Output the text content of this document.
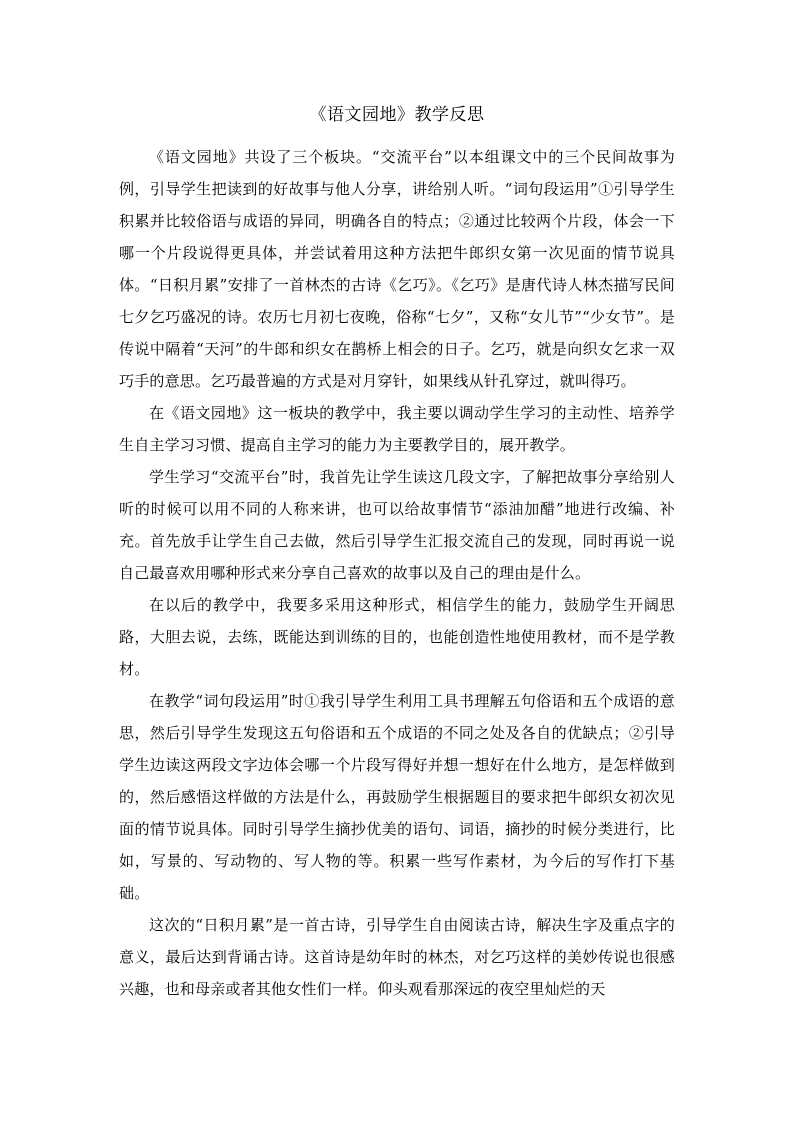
《语文园地》教学反思

《语文园地》共设了三个板块。“交流平台”以本组课文中的三个民间故事为例，引导学生把读到的好故事与他人分享，讲给别人听。“词句段运用”①引导学生积累并比较俗语与成语的异同，明确各自的特点；②通过比较两个片段，体会一下哪一个片段说得更具体，并尝试着用这种方法把牛郎织女第一次见面的情节说具体。“日积月累”安排了一首林杰的古诗《乞巧》。《乞巧》是唐代诗人林杰描写民间七夕乞巧盛况的诗。农历七月初七夜晚，俗称“七夕”，又称“女儿节”“少女节”。是传说中隔着“天河”的牛郎和织女在鹊桥上相会的日子。乞巧，就是向织女乞求一双巧手的意思。乞巧最普遍的方式是对月穿针，如果线从针孔穿过，就叫得巧。

在《语文园地》这一板块的教学中，我主要以调动学生学习的主动性、培养学生自主学习习惯、提高自主学习的能力为主要教学目的，展开教学。

学生学习“交流平台”时，我首先让学生读这几段文字，了解把故事分享给别人听的时候可以用不同的人称来讲，也可以给故事情节“添油加醋”地进行改编、补充。首先放手让学生自己去做，然后引导学生汇报交流自己的发现，同时再说一说自己最喜欢用哪种形式来分享自己喜欢的故事以及自己的理由是什么。

在以后的教学中，我要多采用这种形式，相信学生的能力，鼓励学生开阔思路，大胆去说，去练，既能达到训练的目的，也能创造性地使用教材，而不是学教材。

在教学“词句段运用”时①我引导学生利用工具书理解五句俗语和五个成语的意思，然后引导学生发现这五句俗语和五个成语的不同之处及各自的优缺点；②引导学生边读这两段文字边体会哪一个片段写得好并想一想好在什么地方，是怎样做到的，然后感悟这样做的方法是什么，再鼓励学生根据题目的要求把牛郎织女初次见面的情节说具体。同时引导学生摘抄优美的语句、词语，摘抄的时候分类进行，比如，写景的、写动物的、写人物的等。积累一些写作素材，为今后的写作打下基础。

这次的“日积月累”是一首古诗，引导学生自由阅读古诗，解决生字及重点字的意义，最后达到背诵古诗。这首诗是幼年时的林杰，对乞巧这样的美妙传说也很感兴趣，也和母亲或者其他女性们一样。仰头观看那深远的夜空里灿烂的天
